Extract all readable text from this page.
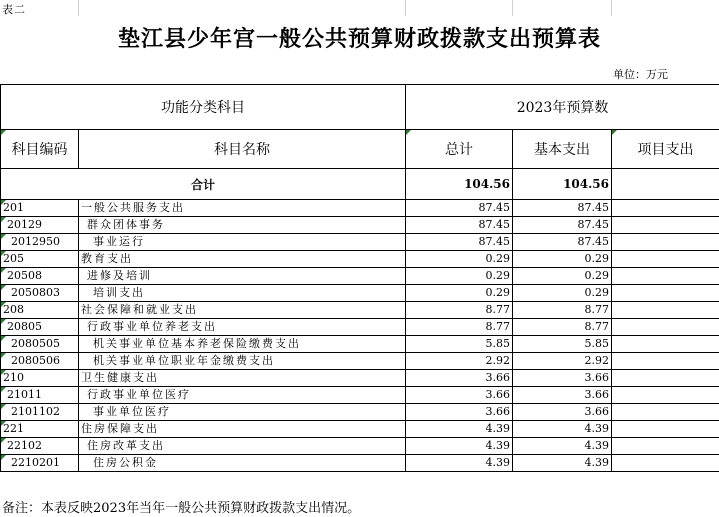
表二
垫江县少年宫一般公共预算财政拨款支出预算表
单位：万元
功能分类科目		2023年预算数		
科目编码	科目名称	总计	基本支出	项目支出
合计		104.56	104.56	
201	一般公共服务支出	87.45	87.45	
20129	群众团体事务	87.45	87.45	
2012950	事业运行	87.45	87.45	
205	教育支出	0.29	0.29	
20508	进修及培训	0.29	0.29	
2050803	培训支出	0.29	0.29	
208	社会保障和就业支出	8.77	8.77	
20805	行政事业单位养老支出	8.77	8.77	
2080505	机关事业单位基本养老保险缴费支出	5.85	5.85	
2080506	机关事业单位职业年金缴费支出	2.92	2.92	
210	卫生健康支出	3.66	3.66	
21011	行政事业单位医疗	3.66	3.66	
2101102	事业单位医疗	3.66	3.66	
221	住房保障支出	4.39	4.39	
22102	住房改革支出	4.39	4.39	
2210201	住房公积金	4.39	4.39	
备注：本表反映2023年当年一般公共预算财政拨款支出情况。
